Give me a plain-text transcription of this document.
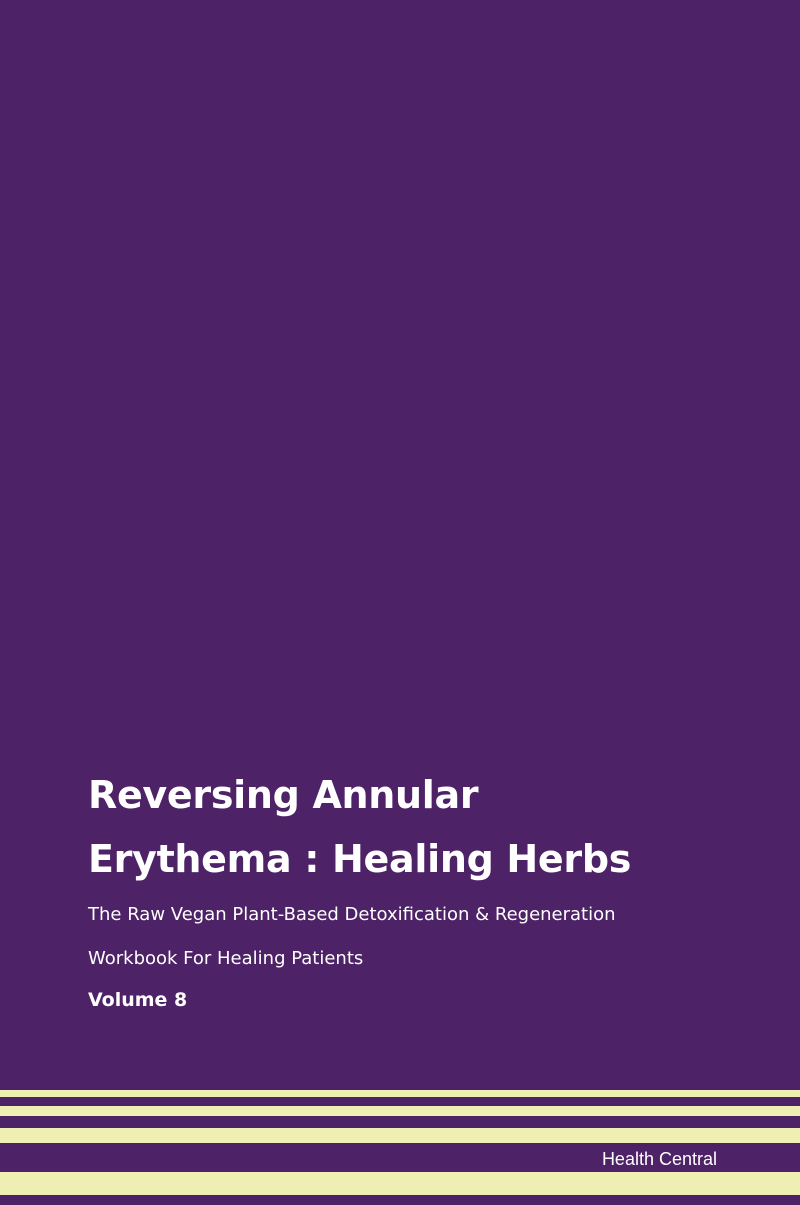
Reversing Annular
Erythema : Healing Herbs
The Raw Vegan Plant-Based Detoxification & Regeneration
Workbook For Healing Patients
Volume 8
Health Central
